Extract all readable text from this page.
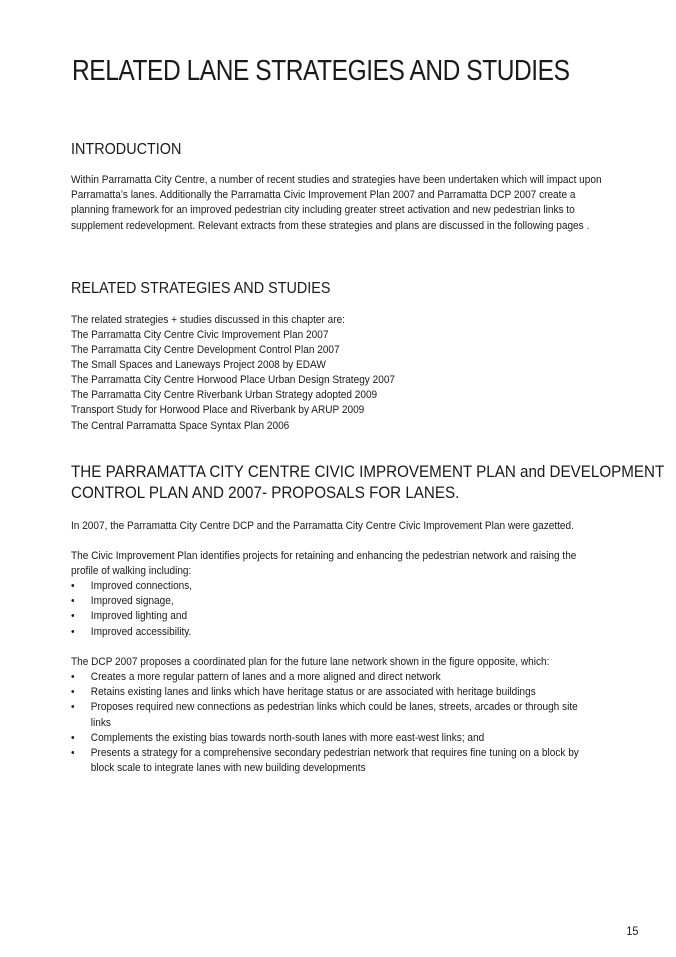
RELATED LANE STRATEGIES AND STUDIES
INTRODUCTION

Within Parramatta City Centre, a number of recent studies and strategies have been undertaken which will impact upon Parramatta’s lanes. Additionally the Parramatta Civic Improvement Plan 2007 and Parramatta DCP 2007 create a planning framework for an improved pedestrian city including greater street activation and new pedestrian links to supplement redevelopment. Relevant extracts from these strategies and plans are discussed in the following pages .

RELATED STRATEGIES AND STUDIES

The related strategies + studies discussed in this chapter are:

The Parramatta City Centre Civic Improvement Plan 2007
The Parramatta City Centre Development Control Plan 2007
The Small Spaces and Laneways Project 2008 by EDAW
The Parramatta City Centre Horwood Place Urban Design Strategy 2007
The Parramatta City Centre Riverbank Urban Strategy adopted 2009
Transport Study for Horwood Place and Riverbank by ARUP 2009
The Central Parramatta Space Syntax Plan 2006
THE PARRAMATTA CITY CENTRE CIVIC IMPROVEMENT PLAN and DEVELOPMENT
CONTROL PLAN AND 2007- PROPOSALS FOR LANES.

In 2007, the Parramatta City Centre DCP and the Parramatta City Centre Civic Improvement Plan were gazetted.

The Civic Improvement Plan identifies projects for retaining and enhancing the pedestrian network and raising the profile of walking including:

• Improved connections,
• Improved signage,
• Improved lighting and
• Improved accessibility.

The DCP 2007 proposes a coordinated plan for the future lane network shown in the figure opposite, which:

• Creates a more regular pattern of lanes and a more aligned and direct network
• Retains existing lanes and links which have heritage status or are associated with heritage buildings
• Proposes required new connections as pedestrian links which could be lanes, streets, arcades or through site links
• Complements the existing bias towards north-south lanes with more east-west links; and
• Presents a strategy for a comprehensive secondary pedestrian network that requires fine tuning on a block by block scale to integrate lanes with new building developments
15
